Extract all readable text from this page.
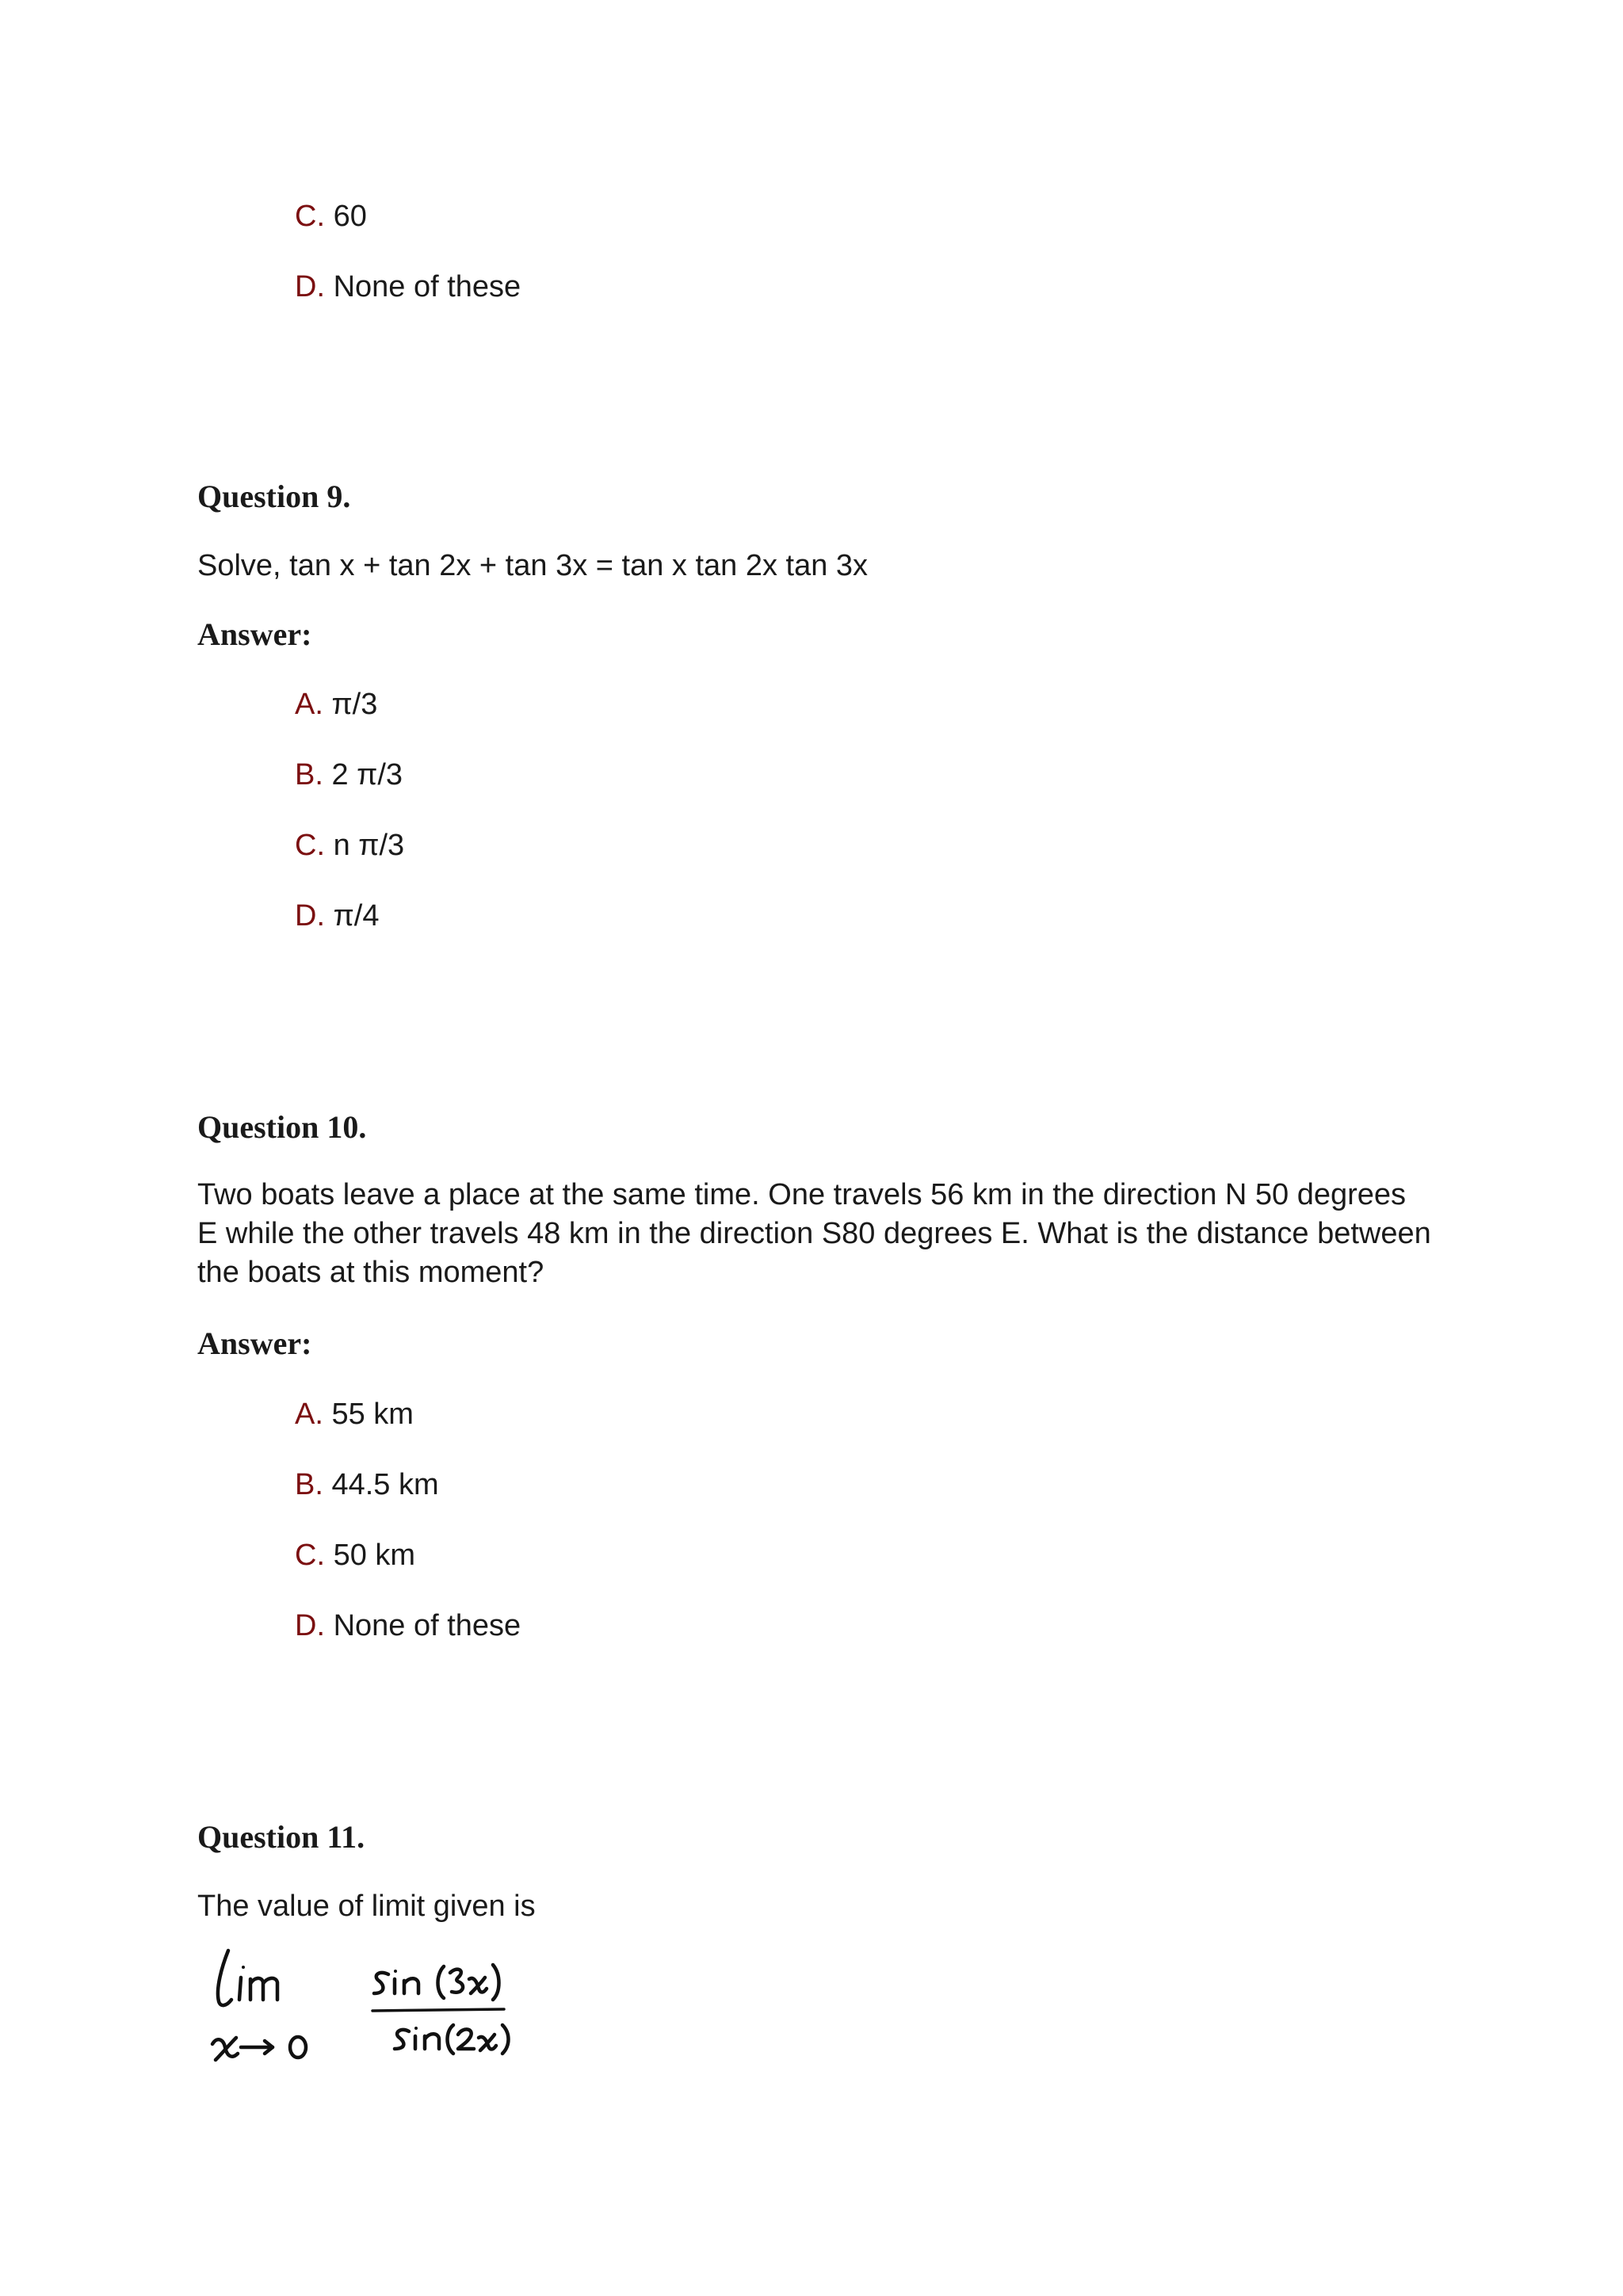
C. 60
D. None of these
Question 9.
Solve, tan x + tan 2x + tan 3x = tan x tan 2x tan 3x
Answer:
A. π/3
B. 2 π/3
C. n π/3
D. π/4
Question 10.
Two boats leave a place at the same time. One travels 56 km in the direction N 50 degrees
E while the other travels 48 km in the direction S80 degrees E. What is the distance between
the boats at this moment?
Answer:
A. 55 km
B. 44.5 km
C. 50 km
D. None of these
Question 11.
The value of limit given is
